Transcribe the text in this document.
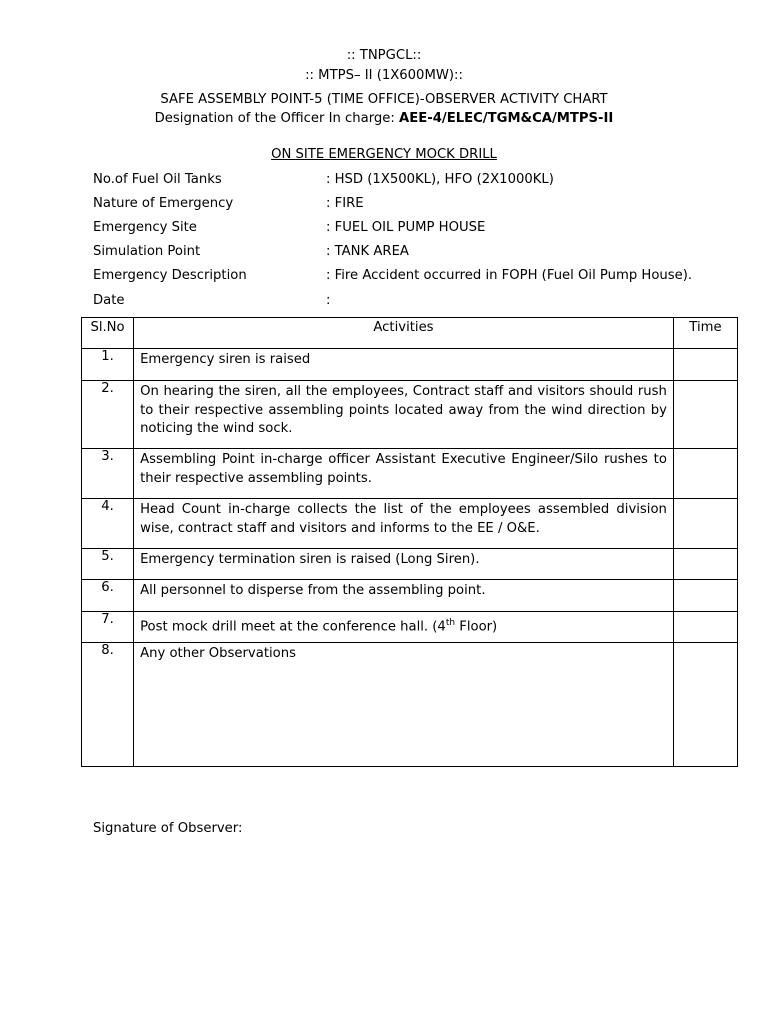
:: TNPGCL::
:: MTPS– II (1X600MW)::
SAFE ASSEMBLY POINT-5 (TIME OFFICE)-OBSERVER ACTIVITY CHART
Designation of the Officer In charge: AEE-4/ELEC/TGM&CA/MTPS-II
ON SITE EMERGENCY MOCK DRILL
No.of Fuel Oil Tanks	: HSD (1X500KL), HFO (2X1000KL)
Nature of Emergency	: FIRE
Emergency Site	: FUEL OIL PUMP HOUSE
Simulation Point	: TANK AREA
Emergency Description	: Fire Accident occurred in FOPH (Fuel Oil Pump House).
Date	:
Sl.No	Activities	Time

1.	Emergency siren is raised	

2.	On hearing the siren, all the employees, Contract staff and visitors should rush to their respective assembling points located away from the wind direction by noticing the wind sock.	

3.	Assembling Point in-charge officer Assistant Executive Engineer/Silo rushes to their respective assembling points.	

4.	Head Count in-charge collects the list of the employees assembled division wise, contract staff and visitors and informs to the EE / O&E.	

5.	Emergency termination siren is raised (Long Siren).	

6.	All personnel to disperse from the assembling point.	

7.	Post mock drill meet at the conference hall. (4th Floor)	

8.	Any other Observations	

Signature of Observer:
